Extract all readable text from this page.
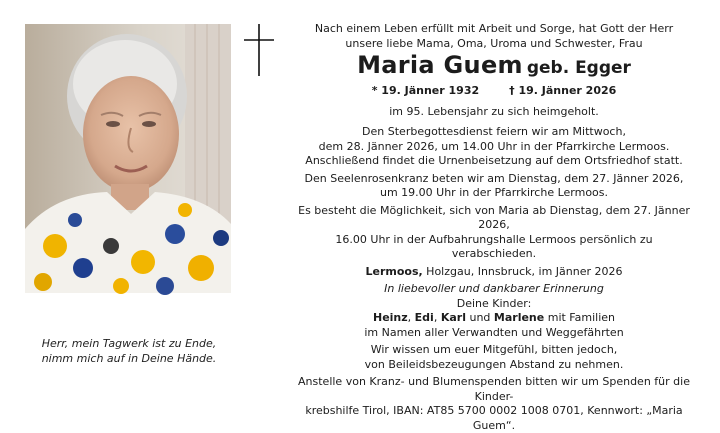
Herr, mein Tagwerk ist zu Ende,

nimm mich auf in Deine Hände.

Nach einem Leben erfüllt mit Arbeit und Sorge, hat Gott der Herr

unsere liebe Mama, Oma, Uroma und Schwester, Frau

Maria Guem geb. Egger

* 19. Jänner 1932	† 19. Jänner 2026

im 95. Lebensjahr zu sich heimgeholt.

Den Sterbegottesdienst feiern wir am Mittwoch,

dem 28. Jänner 2026, um 14.00 Uhr in der Pfarrkirche Lermoos.

Anschließend findet die Urnenbeisetzung auf dem Ortsfriedhof statt.

Den Seelenrosenkranz beten wir am Dienstag, dem 27. Jänner 2026,

um 19.00 Uhr in der Pfarrkirche Lermoos.

Es besteht die Möglichkeit, sich von Maria ab Dienstag, dem 27. Jänner 2026,

16.00 Uhr in der Aufbahrungshalle Lermoos persönlich zu verabschieden.

Lermoos, Holzgau, Innsbruck, im Jänner 2026

In liebevoller und dankbarer Erinnerung

Deine Kinder:

Heinz, Edi, Karl und Marlene mit Familien

im Namen aller Verwandten und Weggefährten

Wir wissen um euer Mitgefühl, bitten jedoch,

von Beileidsbezeugungen Abstand zu nehmen.

Anstelle von Kranz- und Blumenspenden bitten wir um Spenden für die Kinder-

krebshilfe Tirol, IBAN: AT85 5700 0002 1008 0701, Kennwort: „Maria Guem“.
